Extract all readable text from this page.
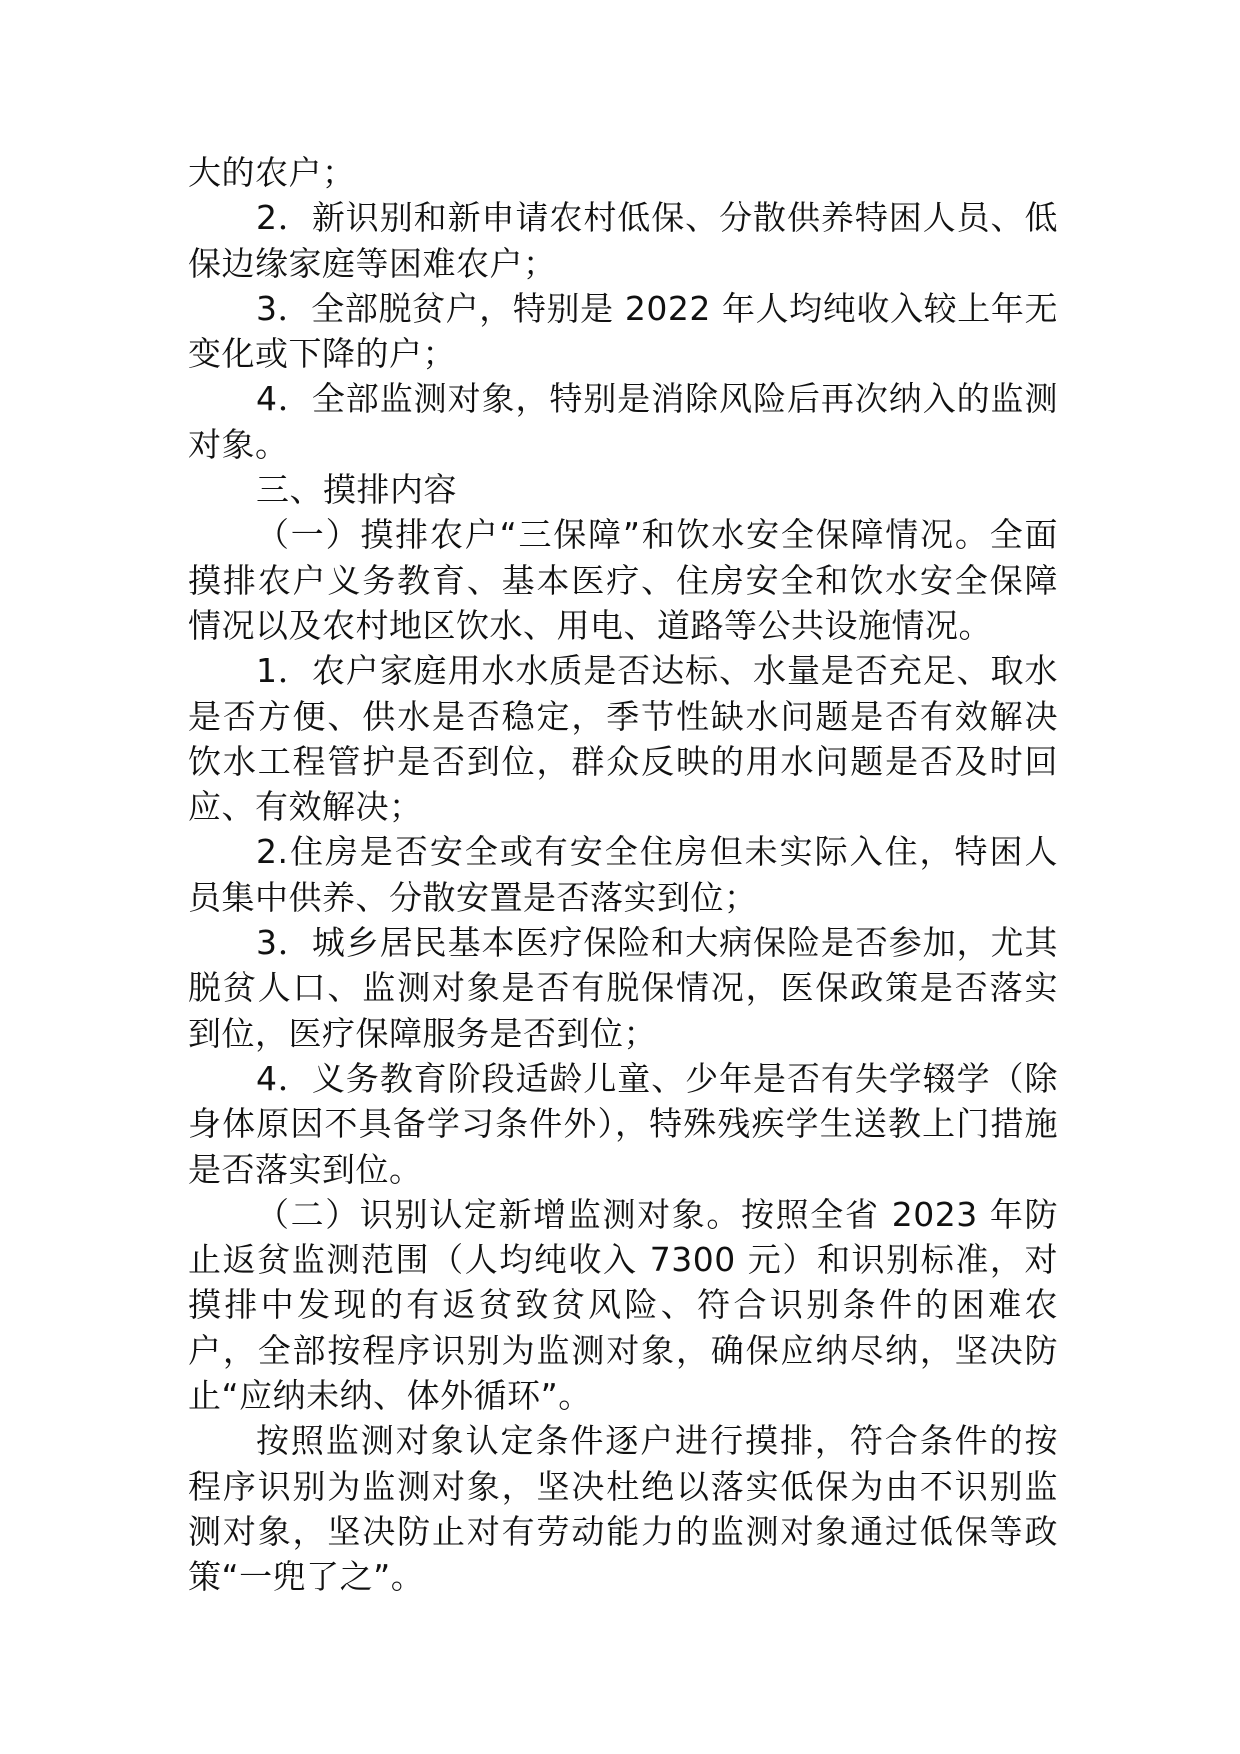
大的农户；

2．新识别和新申请农村低保、分散供养特困人员、低保边缘家庭等困难农户；

3．全部脱贫户，特别是 2022 年人均纯收入较上年无变化或下降的户；

4．全部监测对象，特别是消除风险后再次纳入的监测对象。

三、摸排内容

（一）摸排农户“三保障”和饮水安全保障情况。全面摸排农户义务教育、基本医疗、住房安全和饮水安全保障情况以及农村地区饮水、用电、道路等公共设施情况。

1．农户家庭用水水质是否达标、水量是否充足、取水是否方便、供水是否稳定，季节性缺水问题是否有效解决饮水工程管护是否到位，群众反映的用水问题是否及时回应、有效解决；

2.住房是否安全或有安全住房但未实际入住，特困人员集中供养、分散安置是否落实到位；

3．城乡居民基本医疗保险和大病保险是否参加，尤其脱贫人口、监测对象是否有脱保情况，医保政策是否落实到位，医疗保障服务是否到位；

4．义务教育阶段适龄儿童、少年是否有失学辍学（除身体原因不具备学习条件外），特殊残疾学生送教上门措施是否落实到位。

（二）识别认定新增监测对象。按照全省 2023 年防止返贫监测范围（人均纯收入 7300 元）和识别标准，对摸排中发现的有返贫致贫风险、符合识别条件的困难农户，全部按程序识别为监测对象，确保应纳尽纳，坚决防止“应纳未纳、体外循环”。

按照监测对象认定条件逐户进行摸排，符合条件的按程序识别为监测对象，坚决杜绝以落实低保为由不识别监测对象，坚决防止对有劳动能力的监测对象通过低保等政策“一兜了之”。
